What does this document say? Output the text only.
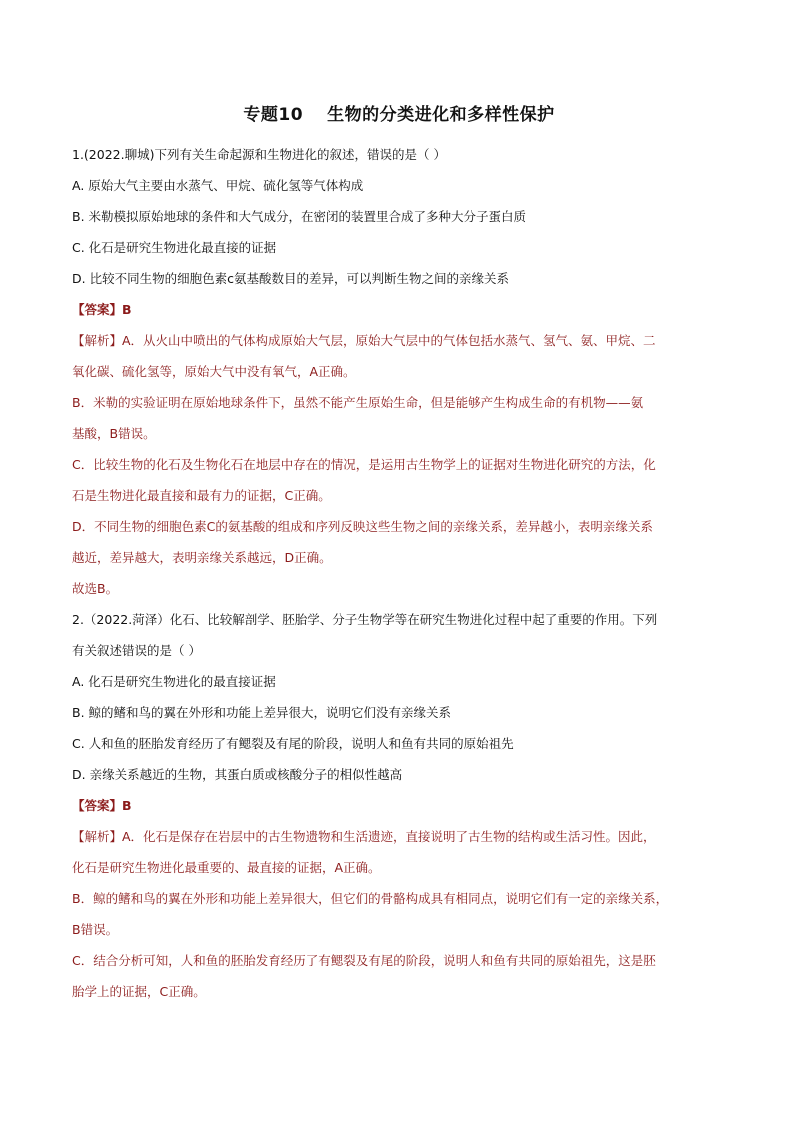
专题10 生物的分类进化和多样性保护
1.(2022.聊城)下列有关生命起源和生物进化的叙述，错误的是（ ）
A. 原始大气主要由水蒸气、甲烷、硫化氢等气体构成
B. 米勒模拟原始地球的条件和大气成分，在密闭的装置里合成了多种大分子蛋白质
C. 化石是研究生物进化最直接的证据
D. 比较不同生物的细胞色素c氨基酸数目的差异，可以判断生物之间的亲缘关系
【答案】B
【解析】A．从火山中喷出的气体构成原始大气层，原始大气层中的气体包括水蒸气、氢气、氨、甲烷、二
氧化碳、硫化氢等，原始大气中没有氧气，A正确。
B．米勒的实验证明在原始地球条件下，虽然不能产生原始生命，但是能够产生构成生命的有机物——氨
基酸，B错误。
C．比较生物的化石及生物化石在地层中存在的情况，是运用古生物学上的证据对生物进化研究的方法，化
石是生物进化最直接和最有力的证据，C正确。
D．不同生物的细胞色素C的氨基酸的组成和序列反映这些生物之间的亲缘关系，差异越小，表明亲缘关系
越近，差异越大，表明亲缘关系越远，D正确。
故选B。
2.（2022.菏泽）化石、比较解剖学、胚胎学、分子生物学等在研究生物进化过程中起了重要的作用。下列
有关叙述错误的是（ ）
A. 化石是研究生物进化的最直接证据
B. 鲸的鳍和鸟的翼在外形和功能上差异很大，说明它们没有亲缘关系
C. 人和鱼的胚胎发育经历了有鳃裂及有尾的阶段，说明人和鱼有共同的原始祖先
D. 亲缘关系越近的生物，其蛋白质或核酸分子的相似性越高
【答案】B
【解析】A．化石是保存在岩层中的古生物遗物和生活遗迹，直接说明了古生物的结构或生活习性。因此，
化石是研究生物进化最重要的、最直接的证据，A正确。
B．鲸的鳍和鸟的翼在外形和功能上差异很大，但它们的骨骼构成具有相同点，说明它们有一定的亲缘关系，
B错误。
C．结合分析可知，人和鱼的胚胎发育经历了有鳃裂及有尾的阶段，说明人和鱼有共同的原始祖先，这是胚
胎学上的证据，C正确。
